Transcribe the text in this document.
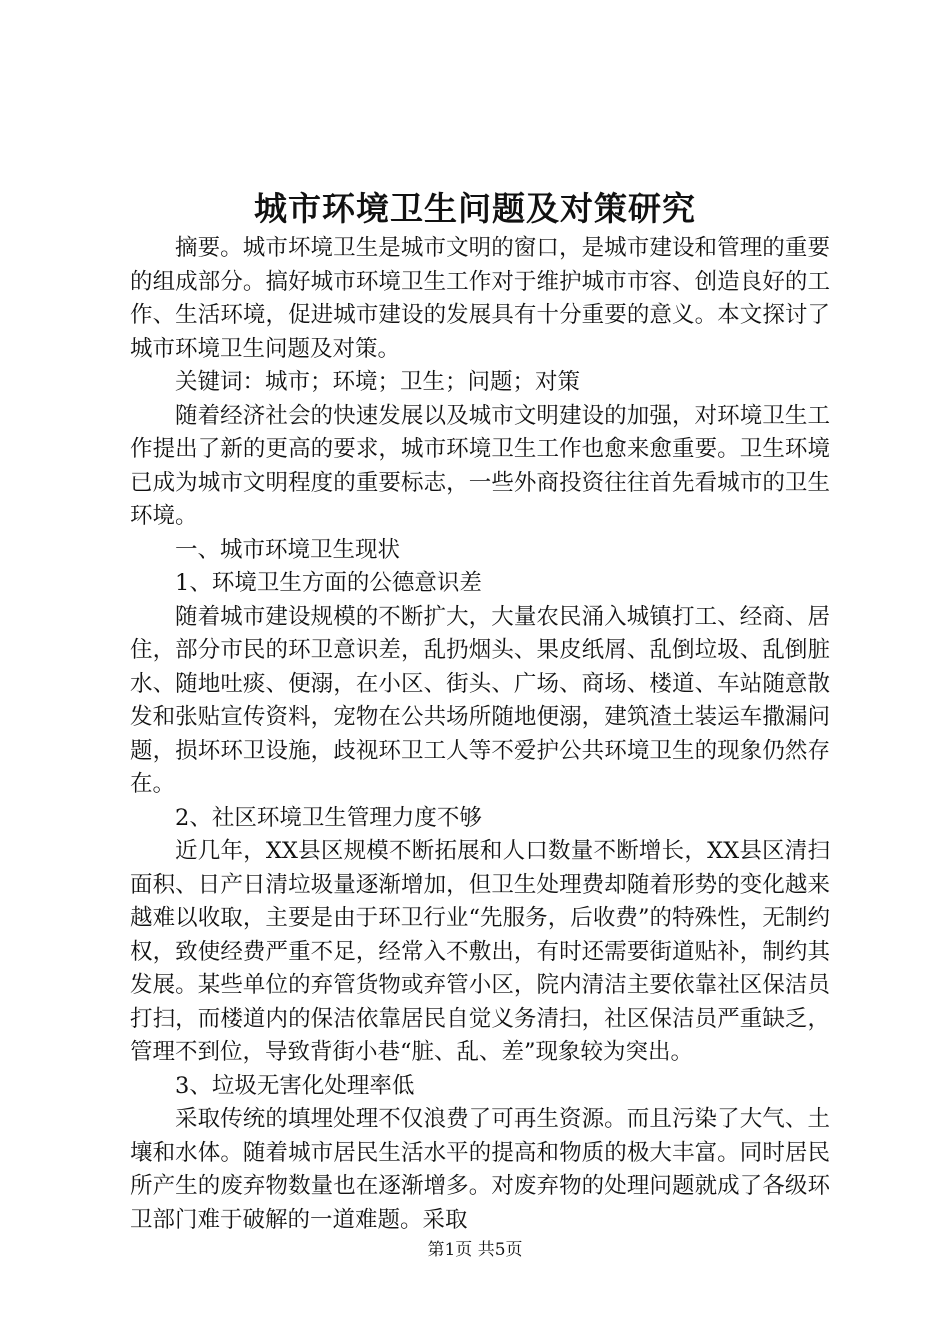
城市环境卫生问题及对策研究

摘要。城市坏境卫生是城市文明的窗口，是城市建设和管理的重要的组成部分。搞好城市环境卫生工作对于维护城市市容、创造良好的工作、生活环境，促进城市建设的发展具有十分重要的意义。本文探讨了城市环境卫生问题及对策。

关键词：城市；环境；卫生；问题；对策

随着经济社会的快速发展以及城市文明建设的加强，对环境卫生工作提出了新的更高的要求，城市环境卫生工作也愈来愈重要。卫生环境已成为城市文明程度的重要标志，一些外商投资往往首先看城市的卫生环境。

一、城市环境卫生现状

1、环境卫生方面的公德意识差

随着城市建设规模的不断扩大，大量农民涌入城镇打工、经商、居住，部分市民的环卫意识差，乱扔烟头、果皮纸屑、乱倒垃圾、乱倒脏水、随地吐痰、便溺，在小区、街头、广场、商场、楼道、车站随意散发和张贴宣传资料，宠物在公共场所随地便溺，建筑渣土装运车撒漏问题，损坏环卫设施，歧视环卫工人等不爱护公共环境卫生的现象仍然存在。

2、社区环境卫生管理力度不够

近几年，XX县区规模不断拓展和人口数量不断增长，XX县区清扫面积、日产日清垃圾量逐渐增加，但卫生处理费却随着形势的变化越来越难以收取，主要是由于环卫行业“先服务，后收费”的特殊性，无制约权，致使经费严重不足，经常入不敷出，有时还需要街道贴补，制约其发展。某些单位的弃管货物或弃管小区，院内清洁主要依靠社区保洁员打扫，而楼道内的保洁依靠居民自觉义务清扫，社区保洁员严重缺乏，管理不到位，导致背街小巷“脏、乱、差”现象较为突出。

3、垃圾无害化处理率低

采取传统的填埋处理不仅浪费了可再生资源。而且污染了大气、土壤和水体。随着城市居民生活水平的提高和物质的极大丰富。同时居民所产生的废弃物数量也在逐渐增多。对废弃物的处理问题就成了各级环卫部门难于破解的一道难题。采取

第1页 共5页
